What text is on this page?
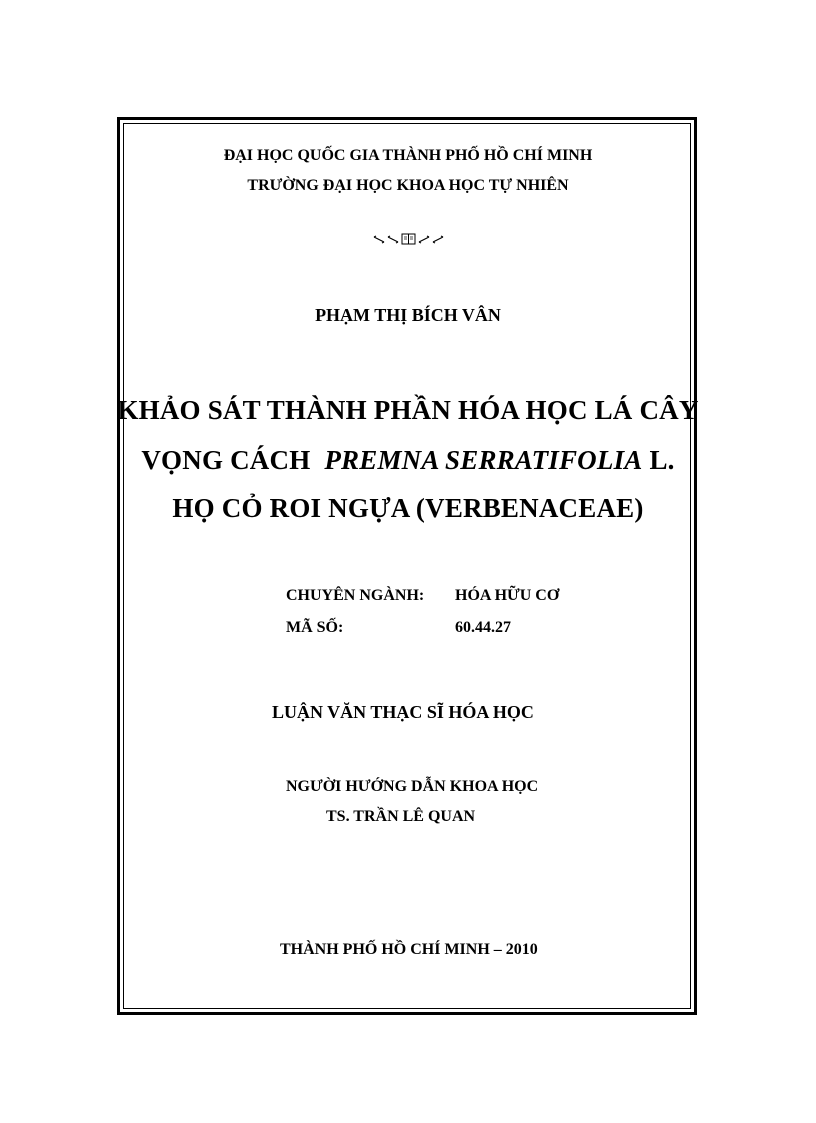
ĐẠI HỌC QUỐC GIA THÀNH PHỐ HỒ CHÍ MINH
TRƯỜNG ĐẠI HỌC KHOA HỌC TỰ NHIÊN
PHẠM THỊ BÍCH VÂN
KHẢO SÁT THÀNH PHẦN HÓA HỌC LÁ CÂY
VỌNG CÁCH PREMNA SERRATIFOLIA L.
HỌ CỎ ROI NGỰA (VERBENACEAE)
CHUYÊN NGÀNH: HÓA HỮU CƠ
MÃ SỐ:	60.44.27
LUẬN VĂN THẠC SĨ HÓA HỌC
NGƯỜI HƯỚNG DẪN KHOA HỌC
TS. TRẦN LÊ QUAN
THÀNH PHỐ HỒ CHÍ MINH – 2010
